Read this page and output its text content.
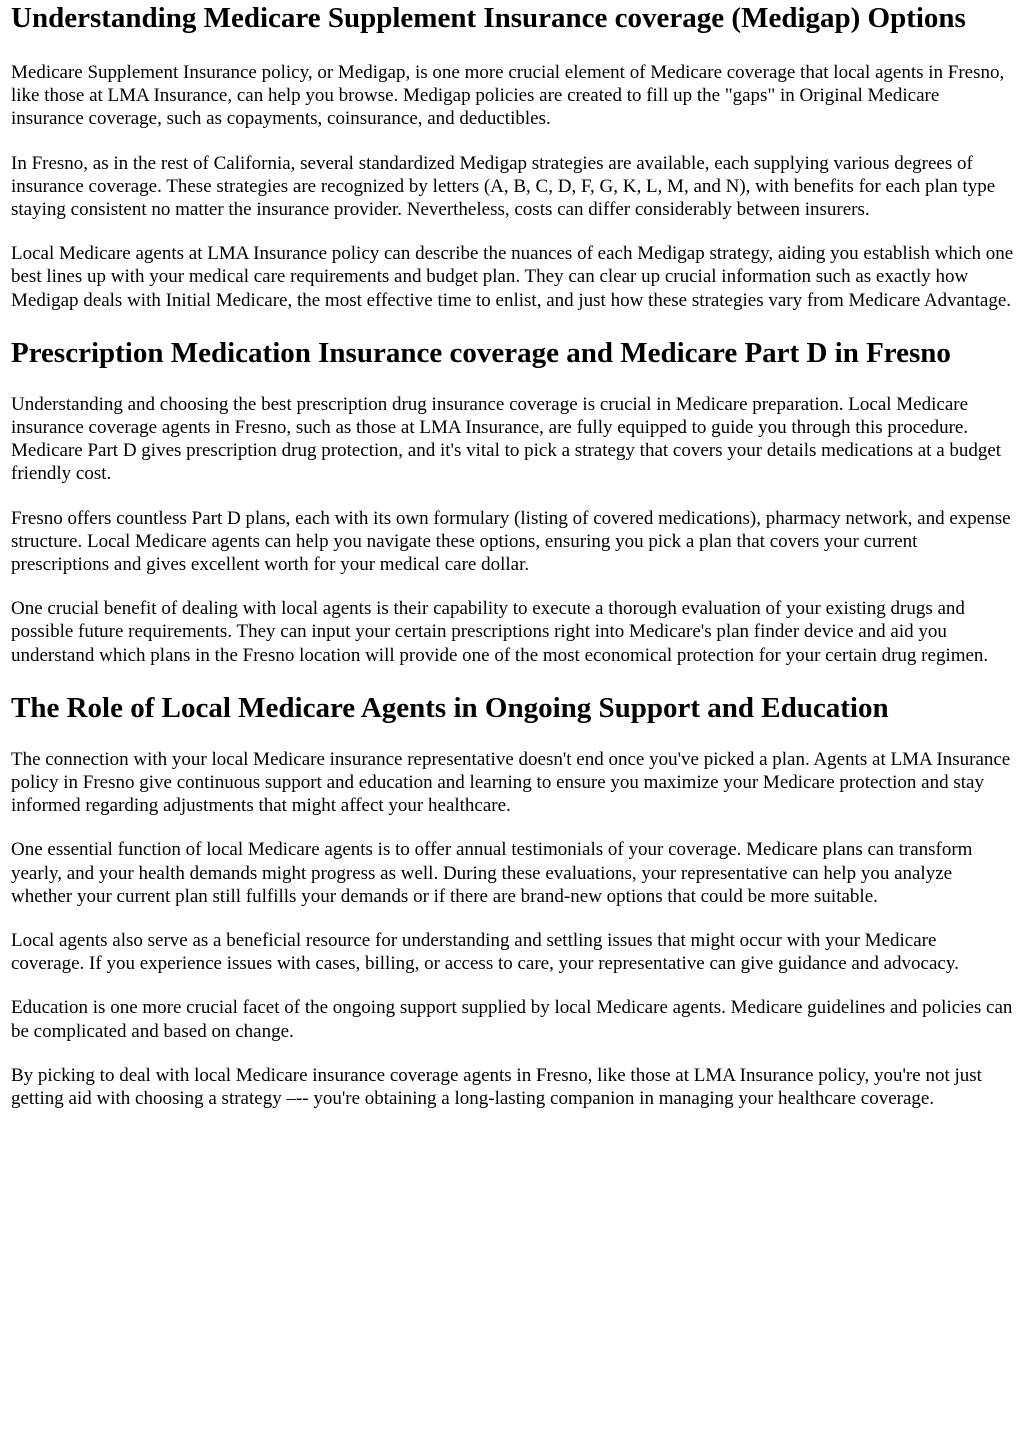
Understanding Medicare Supplement Insurance coverage (Medigap) Options

Medicare Supplement Insurance policy, or Medigap, is one more crucial element of Medicare coverage that local agents in Fresno, like those at LMA Insurance, can help you browse. Medigap policies are created to fill up the "gaps" in Original Medicare insurance coverage, such as copayments, coinsurance, and deductibles.

In Fresno, as in the rest of California, several standardized Medigap strategies are available, each supplying various degrees of insurance coverage. These strategies are recognized by letters (A, B, C, D, F, G, K, L, M, and N), with benefits for each plan type staying consistent no matter the insurance provider. Nevertheless, costs can differ considerably between insurers.

Local Medicare agents at LMA Insurance policy can describe the nuances of each Medigap strategy, aiding you establish which one best lines up with your medical care requirements and budget plan. They can clear up crucial information such as exactly how Medigap deals with Initial Medicare, the most effective time to enlist, and just how these strategies vary from Medicare Advantage.

Prescription Medication Insurance coverage and Medicare Part D in Fresno

Understanding and choosing the best prescription drug insurance coverage is crucial in Medicare preparation. Local Medicare insurance coverage agents in Fresno, such as those at LMA Insurance, are fully equipped to guide you through this procedure. Medicare Part D gives prescription drug protection, and it's vital to pick a strategy that covers your details medications at a budget friendly cost.

Fresno offers countless Part D plans, each with its own formulary (listing of covered medications), pharmacy network, and expense structure. Local Medicare agents can help you navigate these options, ensuring you pick a plan that covers your current prescriptions and gives excellent worth for your medical care dollar.

One crucial benefit of dealing with local agents is their capability to execute a thorough evaluation of your existing drugs and possible future requirements. They can input your certain prescriptions right into Medicare's plan finder device and aid you understand which plans in the Fresno location will provide one of the most economical protection for your certain drug regimen.

The Role of Local Medicare Agents in Ongoing Support and Education

The connection with your local Medicare insurance representative doesn't end once you've picked a plan. Agents at LMA Insurance policy in Fresno give continuous support and education and learning to ensure you maximize your Medicare protection and stay informed regarding adjustments that might affect your healthcare.

One essential function of local Medicare agents is to offer annual testimonials of your coverage. Medicare plans can transform yearly, and your health demands might progress as well. During these evaluations, your representative can help you analyze whether your current plan still fulfills your demands or if there are brand-new options that could be more suitable.

Local agents also serve as a beneficial resource for understanding and settling issues that might occur with your Medicare coverage. If you experience issues with cases, billing, or access to care, your representative can give guidance and advocacy.

Education is one more crucial facet of the ongoing support supplied by local Medicare agents. Medicare guidelines and policies can be complicated and based on change.

By picking to deal with local Medicare insurance coverage agents in Fresno, like those at LMA Insurance policy, you're not just getting aid with choosing a strategy –-- you're obtaining a long-lasting companion in managing your healthcare coverage.
